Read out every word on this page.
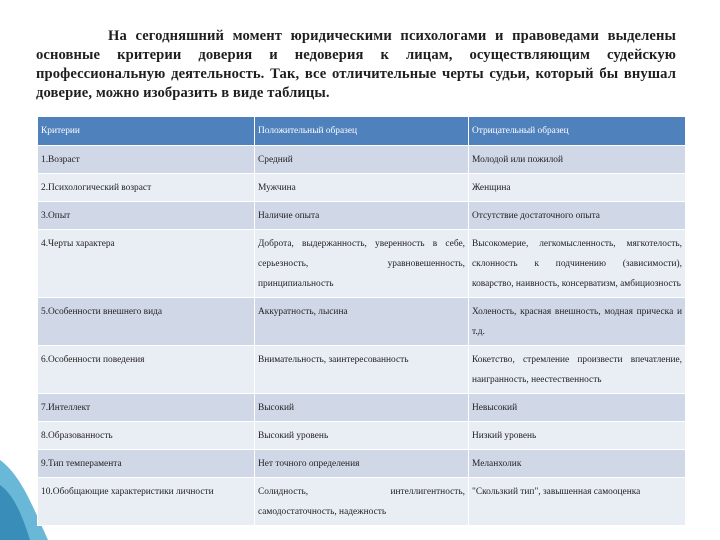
На сегодняшний момент юридическими психологами и правоведами выделены основные критерии доверия и недоверия к лицам, осуществляющим судейскую профессиональную деятельность. Так, все отличительные черты судьи, который бы внушал доверие, можно изобразить в виде таблицы.

Критерии	Положительный образец	Отрицательный образец
1.Возраст	Средний	Молодой или пожилой
2.Психологический возраст	Мужчина	Женщина
3.Опыт	Наличие опыта	Отсутствие достаточного опыта
4.Черты характера	Доброта, выдержанность, уверенность в себе, серьезность, уравновешенность, принципиальность	Высокомерие, легкомысленность, мягкотелость, склонность к подчинению (зависимости), коварство, наивность, консерватизм, амбициозность
5.Особенности внешнего вида	Аккуратность, лысина	Холеность, красная внешность, модная прическа и т.д.
6.Особенности поведения	Внимательность, заинтересованность	Кокетство, стремление произвести впечатление, наигранность, неестественность
7.Интеллект	Высокий	Невысокий
8.Образованность	Высокий уровень	Низкий уровень
9.Тип темперамента	Нет точного определения	Меланхолик
10.Обобщающие характеристики личности	Солидность, интеллигентность, самодостаточность, надежность	"Скользкий тип", завышенная самооценка
